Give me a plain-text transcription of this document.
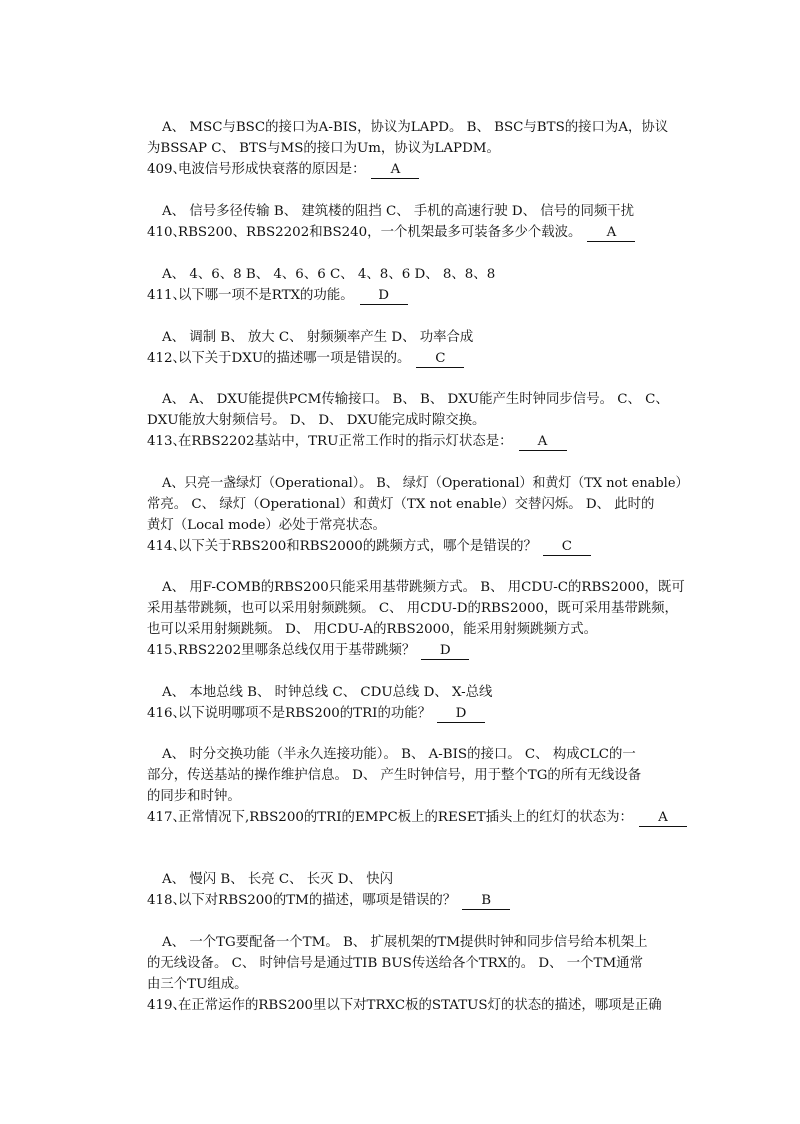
A、 MSC与BSC的接口为A-BIS，协议为LAPD。 B、 BSC与BTS的接口为A，协议
为BSSAP C、 BTS与MS的接口为Um，协议为LAPDM。
409、
电波信号形成快衰落的原因是： A
A、 信号多径传输 B、 建筑楼的阻挡 C、 手机的高速行驶 D、 信号的同频干扰
410、
RBS200、RBS2202和BS240，一个机架最多可装备多少个载波。 A
A、 4、6、8 B、 4、6、6 C、 4、8、6 D、 8、8、8
411、
以下哪一项不是RTX的功能。 D
A、 调制 B、 放大 C、 射频频率产生 D、 功率合成
412、
以下关于DXU的描述哪一项是错误的。 C
A、 A、 DXU能提供PCM传输接口。 B、 B、 DXU能产生时钟同步信号。 C、 C、
DXU能放大射频信号。 D、 D、 DXU能完成时隙交换。
413、
在RBS2202基站中，TRU正常工作时的指示灯状态是： A
A、只亮一盏绿灯（Operational）。 B、 绿灯（Operational）和黄灯（TX not enable）
常亮。 C、 绿灯（Operational）和黄灯（TX not enable）交替闪烁。 D、 此时的
黄灯（Local mode）必处于常亮状态。
414、
以下关于RBS200和RBS2000的跳频方式，哪个是错误的？ C
A、 用F-COMB的RBS200只能采用基带跳频方式。 B、 用CDU-C的RBS2000，既可
采用基带跳频，也可以采用射频跳频。 C、 用CDU-D的RBS2000，既可采用基带跳频，
也可以采用射频跳频。 D、 用CDU-A的RBS2000，能采用射频跳频方式。
415、
RBS2202里哪条总线仅用于基带跳频？ D
A、 本地总线 B、 时钟总线 C、 CDU总线 D、 X-总线
416、
以下说明哪项不是RBS200的TRI的功能？ D
A、 时分交换功能（半永久连接功能）。 B、 A-BIS的接口。 C、 构成CLC的一
部分，传送基站的操作维护信息。 D、 产生时钟信号，用于整个TG的所有无线设备
的同步和时钟。
417、
正常情况下,RBS200的TRI的EMPC板上的RESET插头上的红灯的状态为： A
A、 慢闪 B、 长亮 C、 长灭 D、 快闪
418、
以下对RBS200的TM的描述，哪项是错误的？ B
A、 一个TG要配备一个TM。 B、 扩展机架的TM提供时钟和同步信号给本机架上
的无线设备。 C、 时钟信号是通过TIB BUS传送给各个TRX的。 D、 一个TM通常
由三个TU组成。
419、
在正常运作的RBS200里以下对TRXC板的STATUS灯的状态的描述，哪项是正确
